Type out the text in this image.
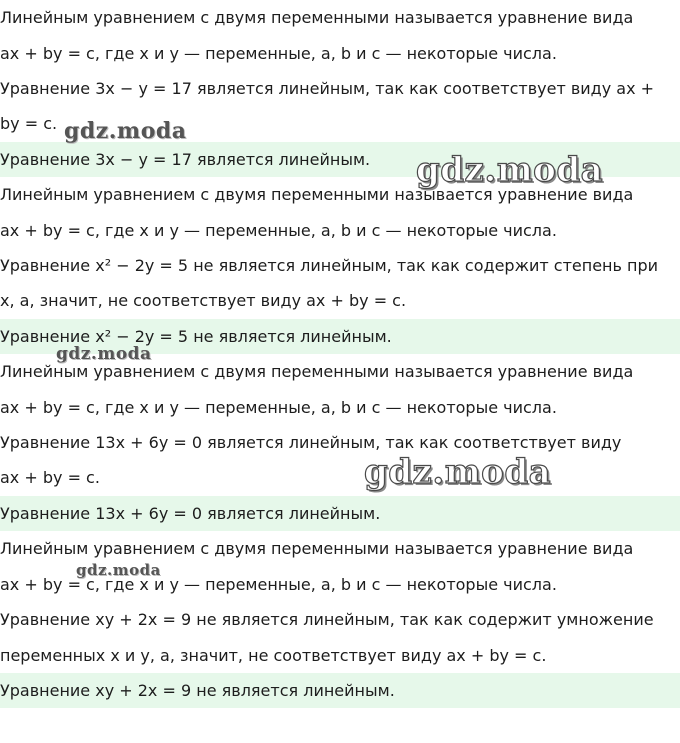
Линейным уравнением с двумя переменными называется уравнение вида
ax + by = c, где x и y — переменные, a, b и c — некоторые числа.
Уравнение 3x − y = 17 является линейным, так как соответствует виду ax +
by = c.
Уравнение 3x − y = 17 является линейным.
Линейным уравнением с двумя переменными называется уравнение вида
ax + by = c, где x и y — переменные, a, b и c — некоторые числа.
Уравнение x² − 2y = 5 не является линейным, так как содержит степень при
x, а, значит, не соответствует виду ax + by = c.
Уравнение x² − 2y = 5 не является линейным.
Линейным уравнением с двумя переменными называется уравнение вида
ax + by = c, где x и y — переменные, a, b и c — некоторые числа.
Уравнение 13x + 6y = 0 является линейным, так как соответствует виду
ax + by = c.
Уравнение 13x + 6y = 0 является линейным.
Линейным уравнением с двумя переменными называется уравнение вида
ax + by = c, где x и y — переменные, a, b и c — некоторые числа.
Уравнение xy + 2x = 9 не является линейным, так как содержит умножение
переменных x и y, а, значит, не соответствует виду ax + by = c.
Уравнение xy + 2x = 9 не является линейным.
gdz.moda
gdz.moda
gdz.moda
gdz.moda
gdz.moda
